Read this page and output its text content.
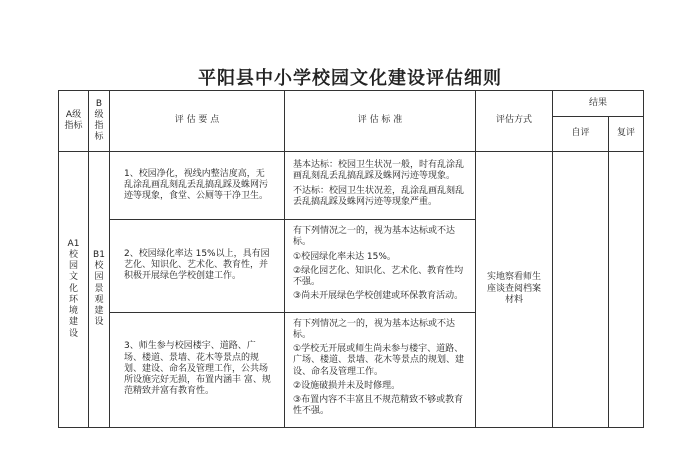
平阳县中小学校园文化建设评估细则
A级指标	B级指标	评 估 要 点	评 估 标 准	评估方式	结果	
					自评	复评

A1校园文化环境建设	B1校园景观建设	1、校园净化，视线内整洁度高，无乱涂乱画乱刻乱丢乱搞乱踩及蛛网污迹等现象，食堂、公厕等干净卫生。	基本达标：校园卫生状况一般，时有乱涂乱画乱刻乱丢乱搞乱踩及蛛网污迹等现象。
不达标：校园卫生状况差，乱涂乱画乱刻乱丢乱搞乱踩及蛛网污迹等现象严重。	实地察看师生座谈查阅档案材料		

		2、校园绿化率达 15%以上，具有园艺化、知识化、艺术化、教育性，并积极开展绿色学校创建工作。	有下列情况之一的，视为基本达标或不达标。
①校园绿化率未达 15%。
②绿化园艺化、知识化、艺术化、教育性均不强。
③尚未开展绿色学校创建或环保教育活动。			

		3、师生参与校园楼宇、道路、广场、楼道、景墙、花木等景点的规划、建设、命名及管理工作，公共场所设施完好无损，布置内涵丰 富、规范精致并富有教育性。	有下列情况之一的，视为基本达标或不达标。
①学校无开展或师生尚未参与楼宇、道路、广场、楼道、景墙、花木等景点的规划、建设、命名及管理工作。
②设施破损并未及时修理。
③布置内容不丰富且不规范精致不够或教育性不强。			
